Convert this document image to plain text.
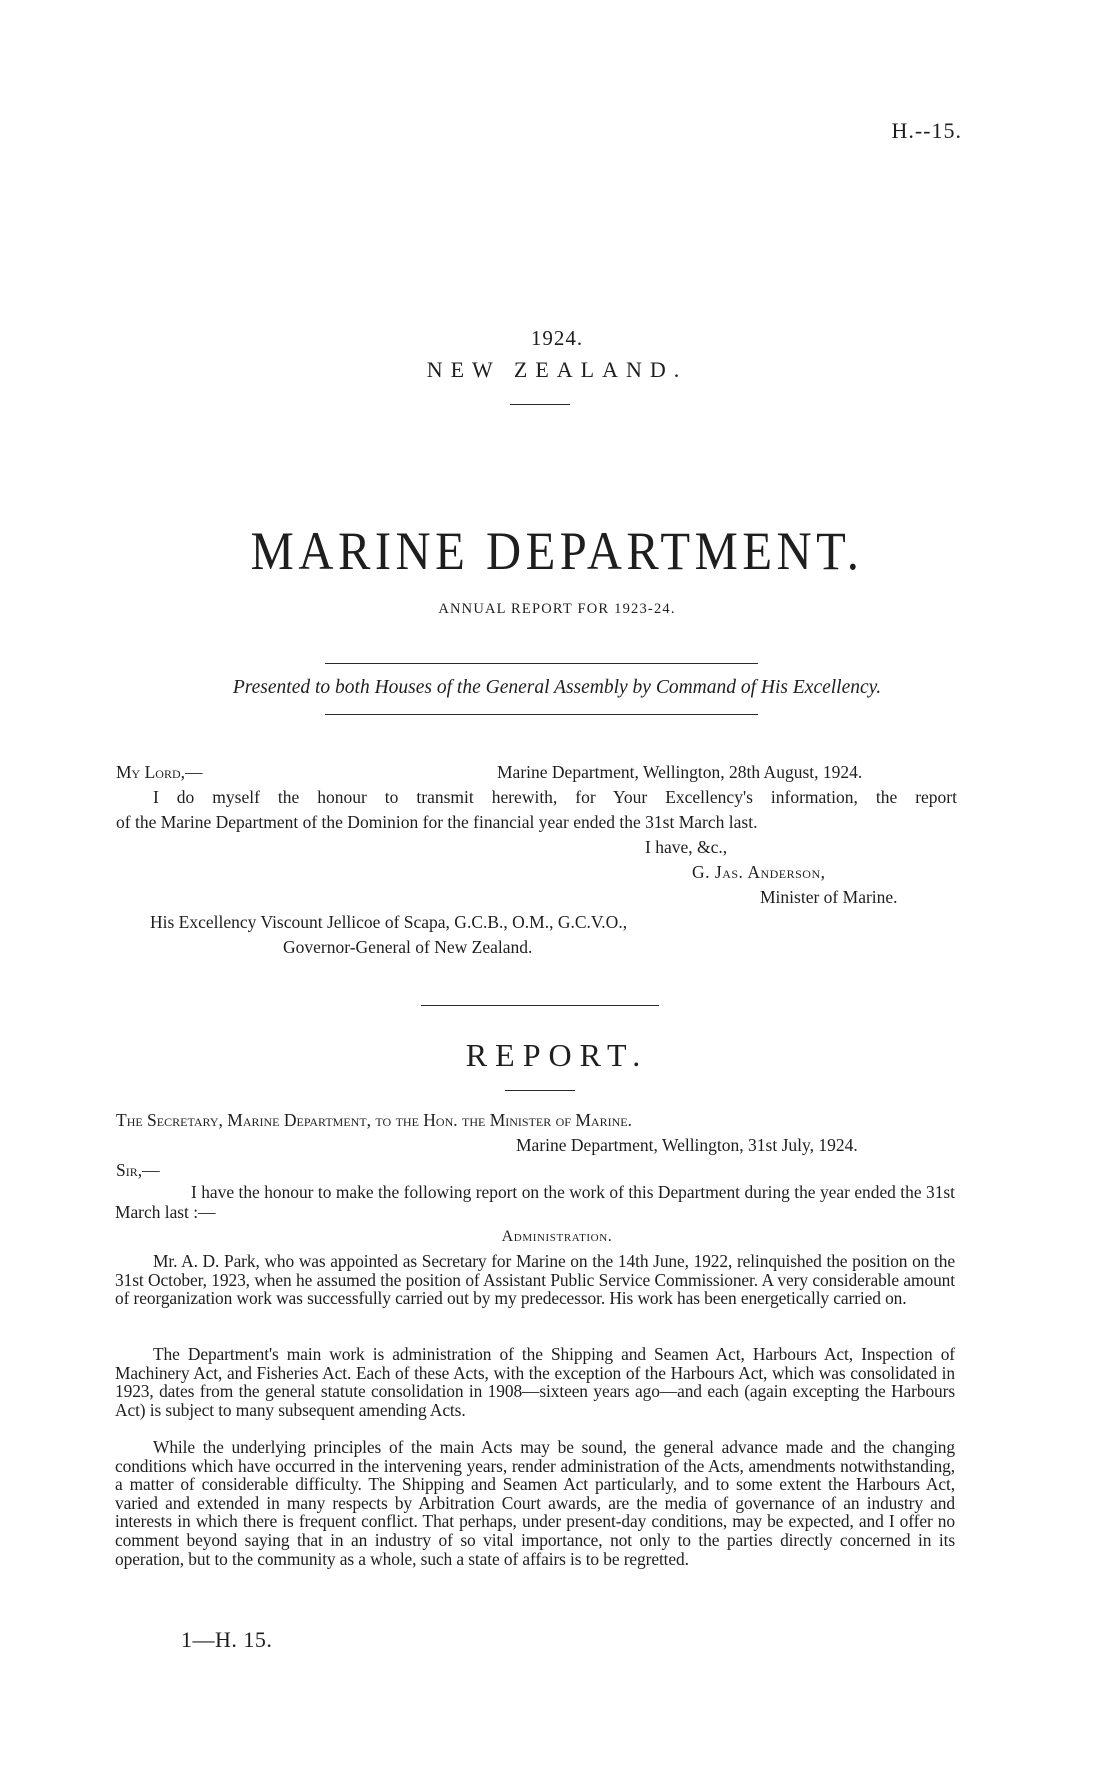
H.--15.
1924.
NEW ZEALAND.
MARINE DEPARTMENT.
ANNUAL REPORT FOR 1923-24.
Presented to both Houses of the General Assembly by Command of His Excellency.
My Lord,—	Marine Department, Wellington, 28th August, 1924.
I do myself the honour to transmit herewith, for Your Excellency's information, the report
of the Marine Department of the Dominion for the financial year ended the 31st March last.
I have, &c.,
G. Jas. Anderson,
Minister of Marine.
His Excellency Viscount Jellicoe of Scapa, G.C.B., O.M., G.C.V.O.,
Governor-General of New Zealand.
REPORT.
The Secretary, Marine Department, to the Hon. the Minister of Marine.
Marine Department, Wellington, 31st July, 1924.
Sir,—

I have the honour to make the following report on the work of this Department during the year ended the 31st March last :—

Administration.

Mr. A. D. Park, who was appointed as Secretary for Marine on the 14th June, 1922, relinquished the position on the 31st October, 1923, when he assumed the position of Assistant Public Service Commissioner. A very considerable amount of reorganization work was successfully carried out by my predecessor. His work has been energetically carried on.

The Department's main work is administration of the Shipping and Seamen Act, Harbours Act, Inspection of Machinery Act, and Fisheries Act. Each of these Acts, with the exception of the Harbours Act, which was consolidated in 1923, dates from the general statute consolidation in 1908—sixteen years ago—and each (again excepting the Harbours Act) is subject to many subsequent amending Acts.

While the underlying principles of the main Acts may be sound, the general advance made and the changing conditions which have occurred in the intervening years, render administration of the Acts, amendments notwithstanding, a matter of considerable difficulty. The Shipping and Seamen Act particularly, and to some extent the Harbours Act, varied and extended in many respects by Arbitration Court awards, are the media of governance of an industry and interests in which there is frequent conflict. That perhaps, under present-day conditions, may be expected, and I offer no comment beyond saying that in an industry of so vital importance, not only to the parties directly concerned in its operation, but to the community as a whole, such a state of affairs is to be regretted.

1—H. 15.
